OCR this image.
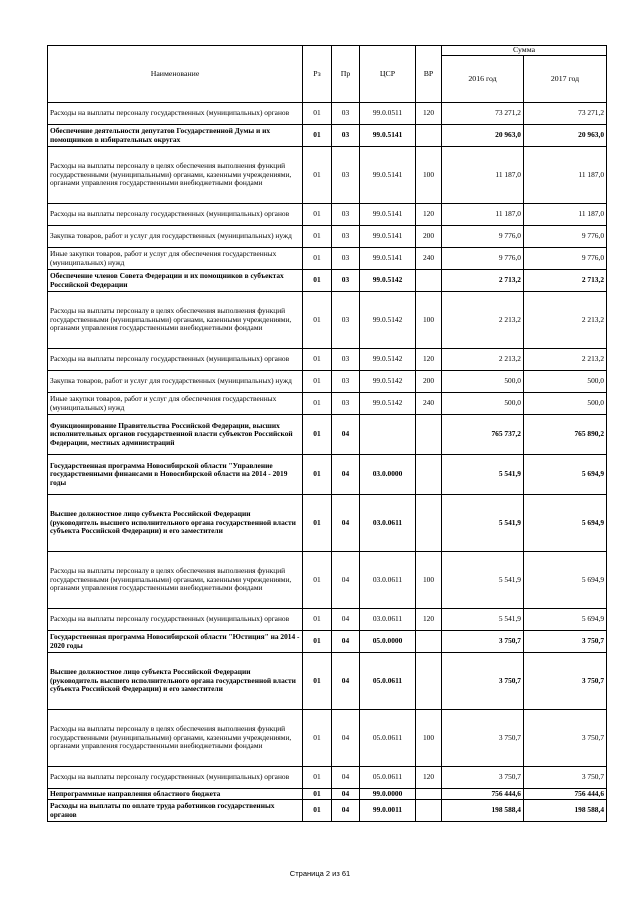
Наименование	Рз	Пр	ЦСР	ВР	Сумма	
					2016 год	2017 год
Расходы на выплаты персоналу государственных (муниципальных) органов	01	03	99.0.0511	120	73 271,2	73 271,2
Обеспечение деятельности депутатов Государственной Думы и их помощников в избирательных округах	01	03	99.0.5141		20 963,0	20 963,0
Расходы на выплаты персоналу в целях обеспечения выполнения функций государственными (муниципальными) органами, казенными учреждениями, органами управления государственными внебюджетными фондами	01	03	99.0.5141	100	11 187,0	11 187,0
Расходы на выплаты персоналу государственных (муниципальных) органов	01	03	99.0.5141	120	11 187,0	11 187,0
Закупка товаров, работ и услуг для государственных (муниципальных) нужд	01	03	99.0.5141	200	9 776,0	9 776,0
Иные закупки товаров, работ и услуг для обеспечения государственных (муниципальных) нужд	01	03	99.0.5141	240	9 776,0	9 776,0
Обеспечение членов Совета Федерации и их помощников в субъектах Российской Федерации	01	03	99.0.5142		2 713,2	2 713,2
Расходы на выплаты персоналу в целях обеспечения выполнения функций государственными (муниципальными) органами, казенными учреждениями, органами управления государственными внебюджетными фондами	01	03	99.0.5142	100	2 213,2	2 213,2
Расходы на выплаты персоналу государственных (муниципальных) органов	01	03	99.0.5142	120	2 213,2	2 213,2
Закупка товаров, работ и услуг для государственных (муниципальных) нужд	01	03	99.0.5142	200	500,0	500,0
Иные закупки товаров, работ и услуг для обеспечения государственных (муниципальных) нужд	01	03	99.0.5142	240	500,0	500,0
Функционирование Правительства Российской Федерации, высших исполнительных органов государственной власти субъектов Российской Федерации, местных администраций	01	04			765 737,2	765 890,2
Государственная программа Новосибирской области "Управление государственными финансами в Новосибирской области на 2014 - 2019 годы	01	04	03.0.0000		5 541,9	5 694,9
Высшее должностное лицо субъекта Российской Федерации (руководитель высшего исполнительного органа государственной власти субъекта Российской Федерации) и его заместители	01	04	03.0.0611		5 541,9	5 694,9
Расходы на выплаты персоналу в целях обеспечения выполнения функций государственными (муниципальными) органами, казенными учреждениями, органами управления государственными внебюджетными фондами	01	04	03.0.0611	100	5 541,9	5 694,9
Расходы на выплаты персоналу государственных (муниципальных) органов	01	04	03.0.0611	120	5 541,9	5 694,9
Государственная программа Новосибирской области "Юстиция" на 2014 - 2020 годы	01	04	05.0.0000		3 750,7	3 750,7
Высшее должностное лицо субъекта Российской Федерации (руководитель высшего исполнительного органа государственной власти субъекта Российской Федерации) и его заместители	01	04	05.0.0611		3 750,7	3 750,7
Расходы на выплаты персоналу в целях обеспечения выполнения функций государственными (муниципальными) органами, казенными учреждениями, органами управления государственными внебюджетными фондами	01	04	05.0.0611	100	3 750,7	3 750,7
Расходы на выплаты персоналу государственных (муниципальных) органов	01	04	05.0.0611	120	3 750,7	3 750,7
Непрограммные направления областного бюджета	01	04	99.0.0000		756 444,6	756 444,6
Расходы на выплаты по оплате труда работников государственных органов	01	04	99.0.0011		198 588,4	198 588,4
Страница 2 из 61
